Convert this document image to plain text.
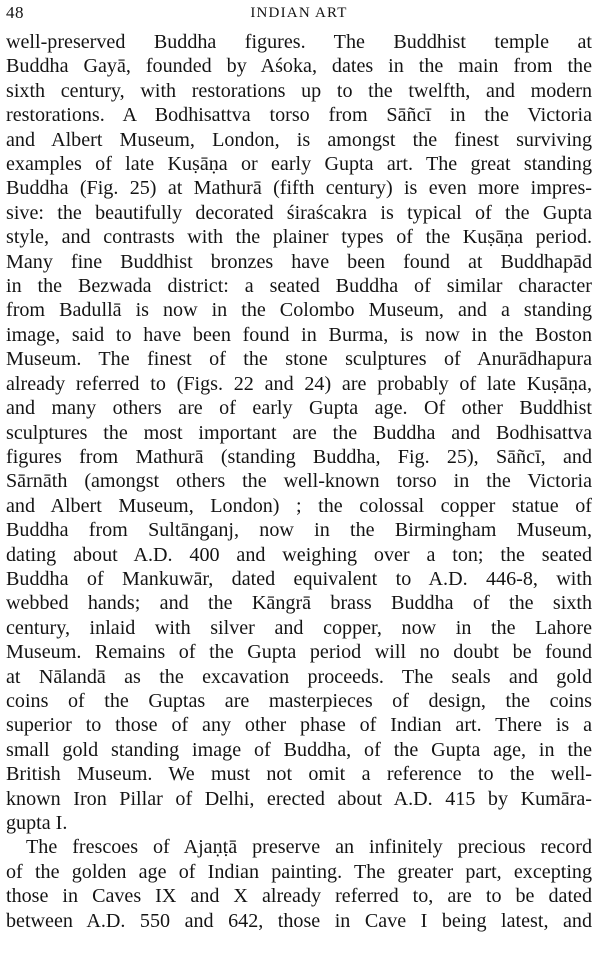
48	INDIAN ART
well-preserved Buddha figures. The Buddhist temple at
Buddha Gayā, founded by Aśoka, dates in the main from the
sixth century, with restorations up to the twelfth, and modern
restorations. A Bodhisattva torso from Sāñcī in the Victoria
and Albert Museum, London, is amongst the finest surviving
examples of late Kuṣāṇa or early Gupta art. The great standing
Buddha (Fig. 25) at Mathurā (fifth century) is even more impres-
sive: the beautifully decorated śiraścakra is typical of the Gupta
style, and contrasts with the plainer types of the Kuṣāṇa period.
Many fine Buddhist bronzes have been found at Buddhapād
in the Bezwada district: a seated Buddha of similar character
from Badullā is now in the Colombo Museum, and a standing
image, said to have been found in Burma, is now in the Boston
Museum. The finest of the stone sculptures of Anurādhapura
already referred to (Figs. 22 and 24) are probably of late Kuṣāṇa,
and many others are of early Gupta age. Of other Buddhist
sculptures the most important are the Buddha and Bodhisattva
figures from Mathurā (standing Buddha, Fig. 25), Sāñcī, and
Sārnāth (amongst others the well-known torso in the Victoria
and Albert Museum, London) ; the colossal copper statue of
Buddha from Sultānganj, now in the Birmingham Museum,
dating about A.D. 400 and weighing over a ton; the seated
Buddha of Mankuwār, dated equivalent to A.D. 446-8, with
webbed hands; and the Kāngrā brass Buddha of the sixth
century, inlaid with silver and copper, now in the Lahore
Museum. Remains of the Gupta period will no doubt be found
at Nālandā as the excavation proceeds. The seals and gold
coins of the Guptas are masterpieces of design, the coins
superior to those of any other phase of Indian art. There is a
small gold standing image of Buddha, of the Gupta age, in the
British Museum. We must not omit a reference to the well-
known Iron Pillar of Delhi, erected about A.D. 415 by Kumāra-
gupta I.
The frescoes of Ajaṇṭā preserve an infinitely precious record
of the golden age of Indian painting. The greater part, excepting
those in Caves IX and X already referred to, are to be dated
between A.D. 550 and 642, those in Cave I being latest, and
